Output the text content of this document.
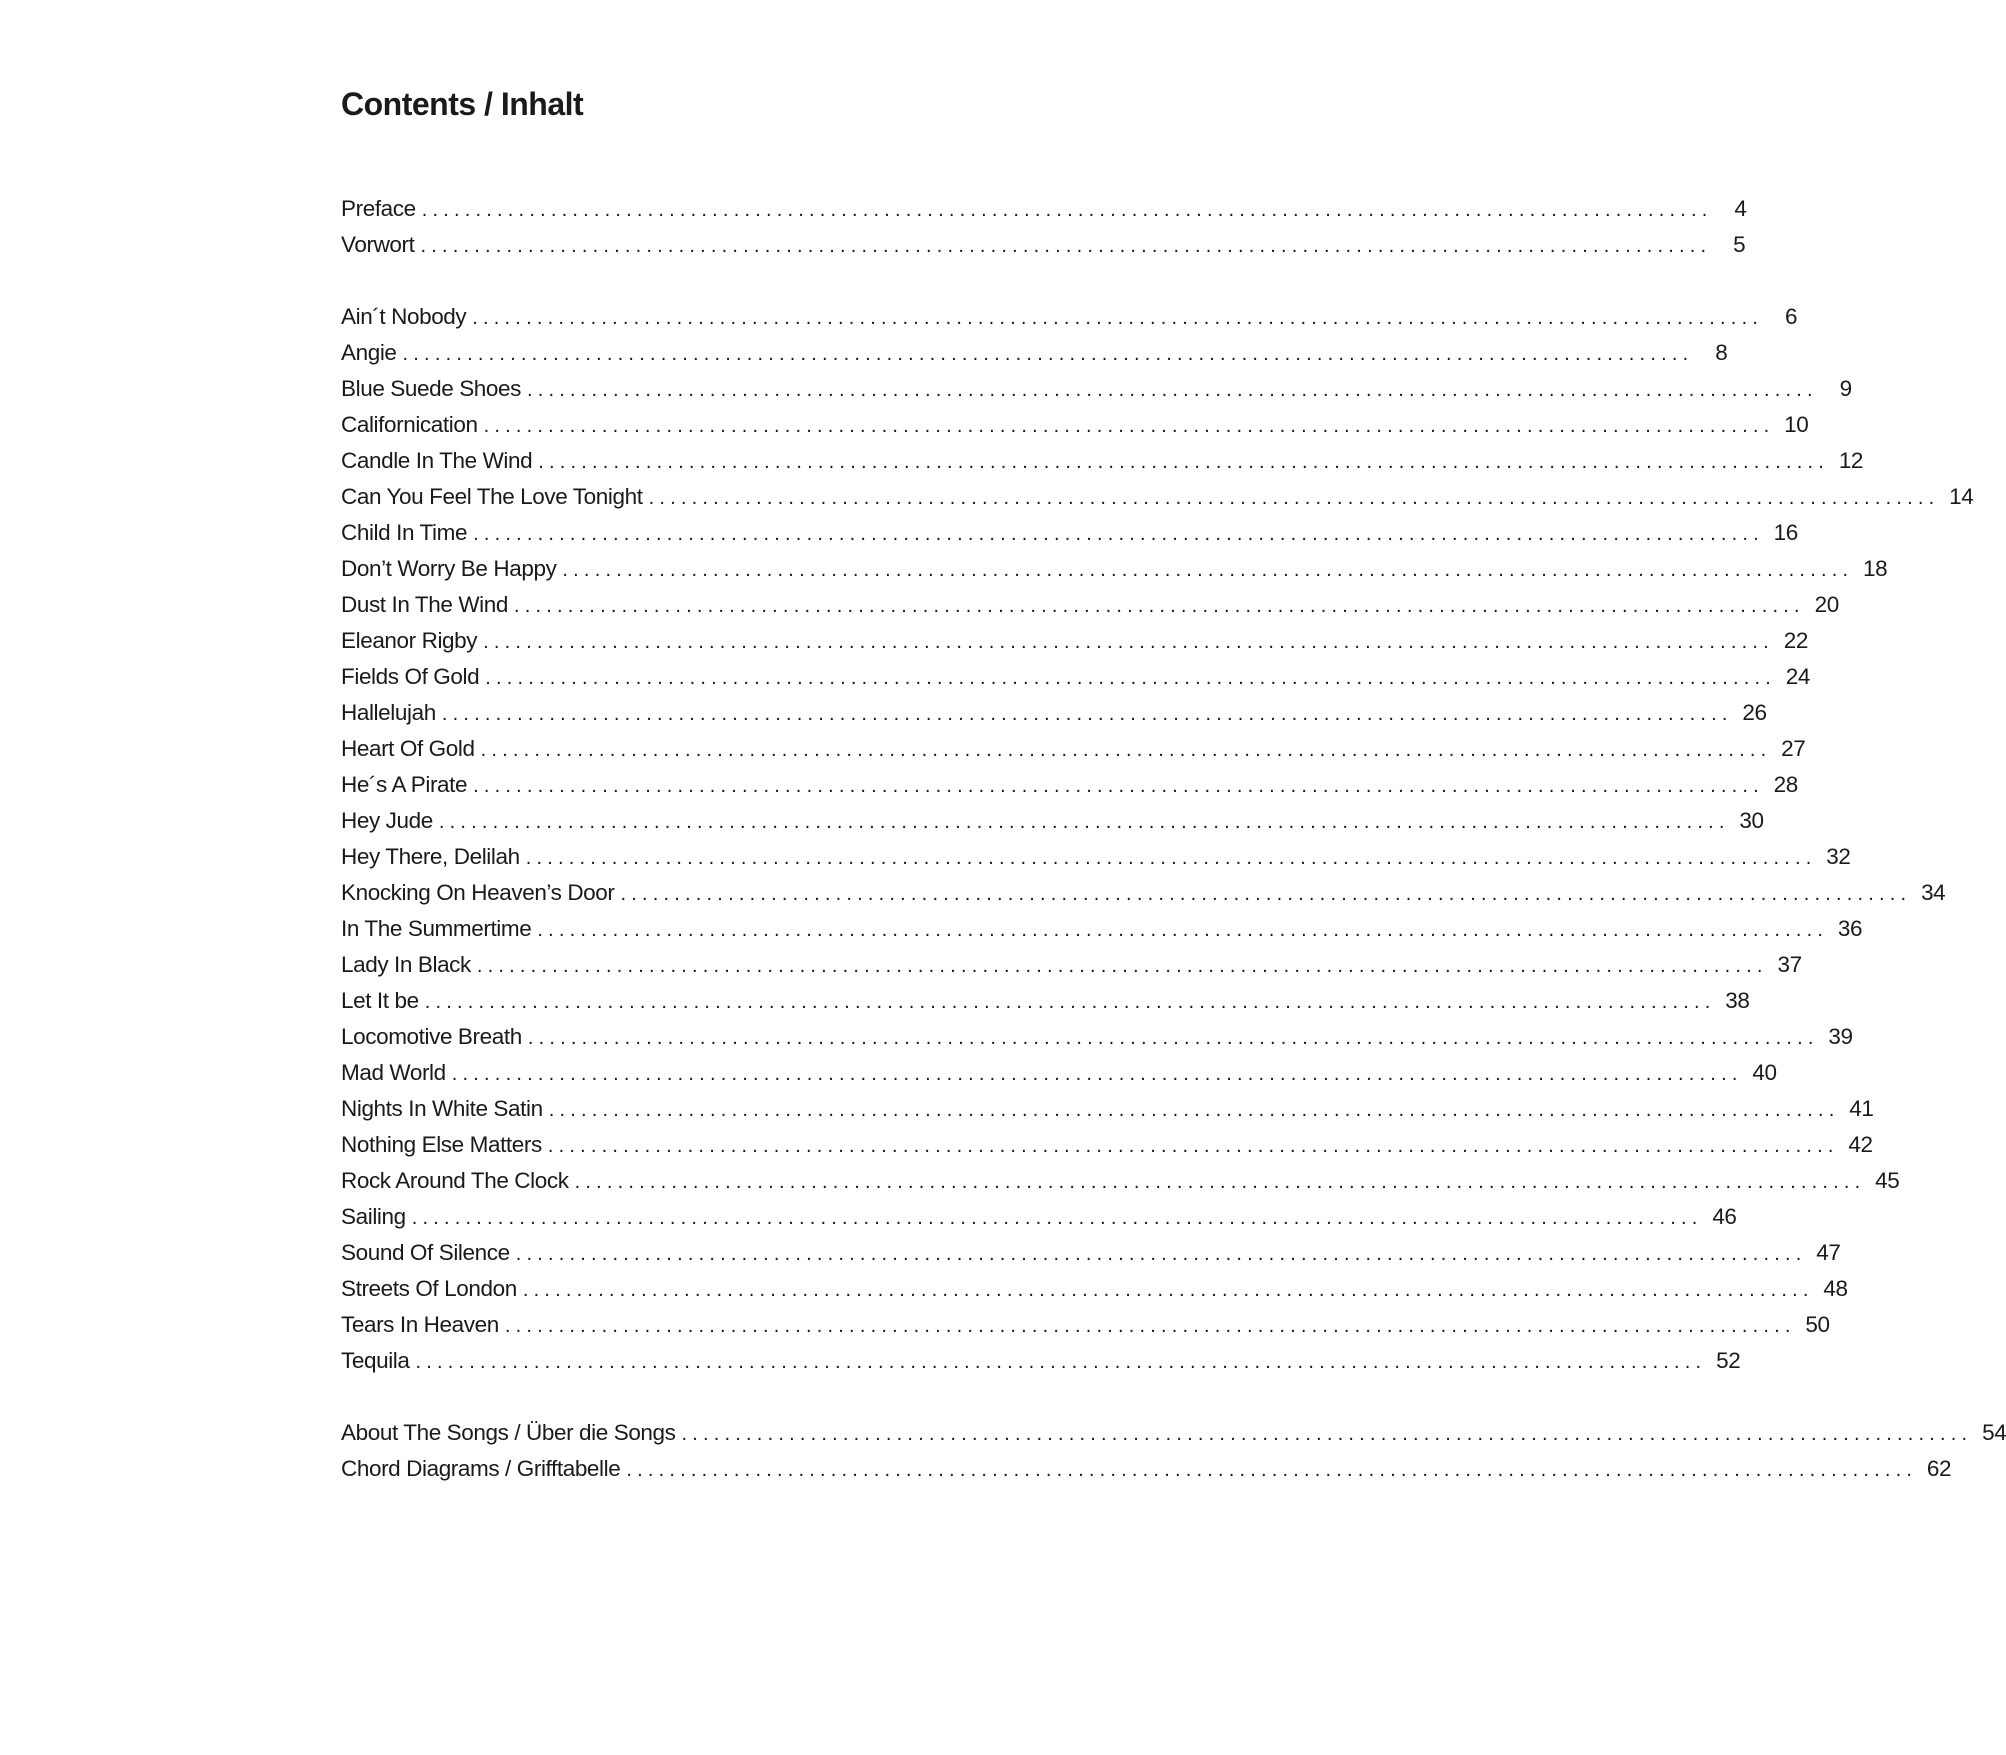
Contents / Inhalt
Preface ........................................................................................................................ 4
Vorwort ........................................................................................................................ 5
Ain´t Nobody ........................................................................................................................ 6
Angie ........................................................................................................................ 8
Blue Suede Shoes ........................................................................................................................ 9
Californication ........................................................................................................................ 10
Candle In The Wind ........................................................................................................................ 12
Can You Feel The Love Tonight ........................................................................................................................ 14
Child In Time ........................................................................................................................ 16
Don’t Worry Be Happy ........................................................................................................................ 18
Dust In The Wind ........................................................................................................................ 20
Eleanor Rigby ........................................................................................................................ 22
Fields Of Gold ........................................................................................................................ 24
Hallelujah ........................................................................................................................ 26
Heart Of Gold ........................................................................................................................ 27
He´s A Pirate ........................................................................................................................ 28
Hey Jude ........................................................................................................................ 30
Hey There, Delilah ........................................................................................................................ 32
Knocking On Heaven’s Door ........................................................................................................................ 34
In The Summertime ........................................................................................................................ 36
Lady In Black ........................................................................................................................ 37
Let It be ........................................................................................................................ 38
Locomotive Breath ........................................................................................................................ 39
Mad World ........................................................................................................................ 40
Nights In White Satin ........................................................................................................................ 41
Nothing Else Matters ........................................................................................................................ 42
Rock Around The Clock ........................................................................................................................ 45
Sailing ........................................................................................................................ 46
Sound Of Silence ........................................................................................................................ 47
Streets Of London ........................................................................................................................ 48
Tears In Heaven ........................................................................................................................ 50
Tequila ........................................................................................................................ 52
About The Songs / Über die Songs ........................................................................................................................ 54
Chord Diagrams / Grifftabelle ........................................................................................................................ 62
